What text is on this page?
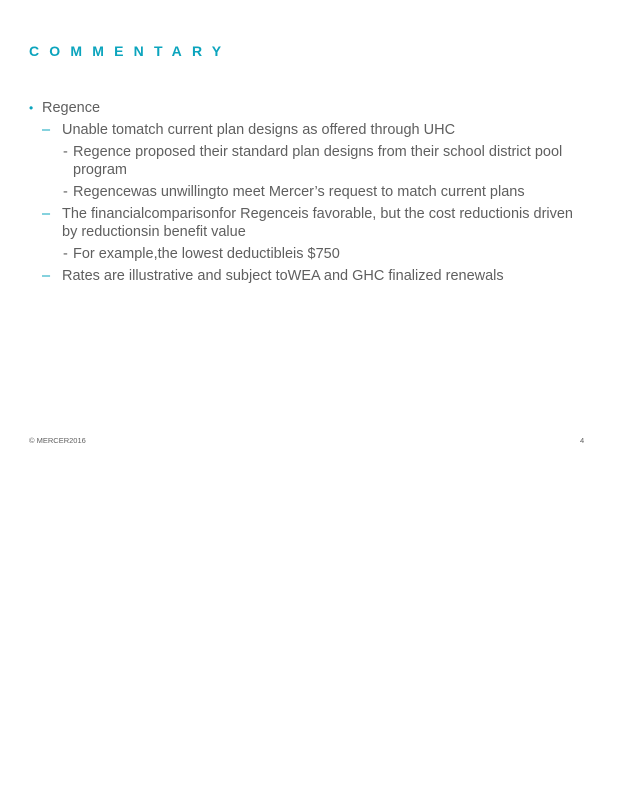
COMMENTARY
• Regence
– Unable tomatch current plan designs as offered through UHC
- Regence proposed their standard plan designs from their school district pool program
- Regencewas unwillingto meet Mercer’s request to match current plans
– The financialcomparisonfor Regenceis favorable, but the cost reductionis driven by reductionsin benefit value
- For example,the lowest deductibleis $750
– Rates are illustrative and subject toWEA and GHC finalized renewals
© MERCER2016	4
